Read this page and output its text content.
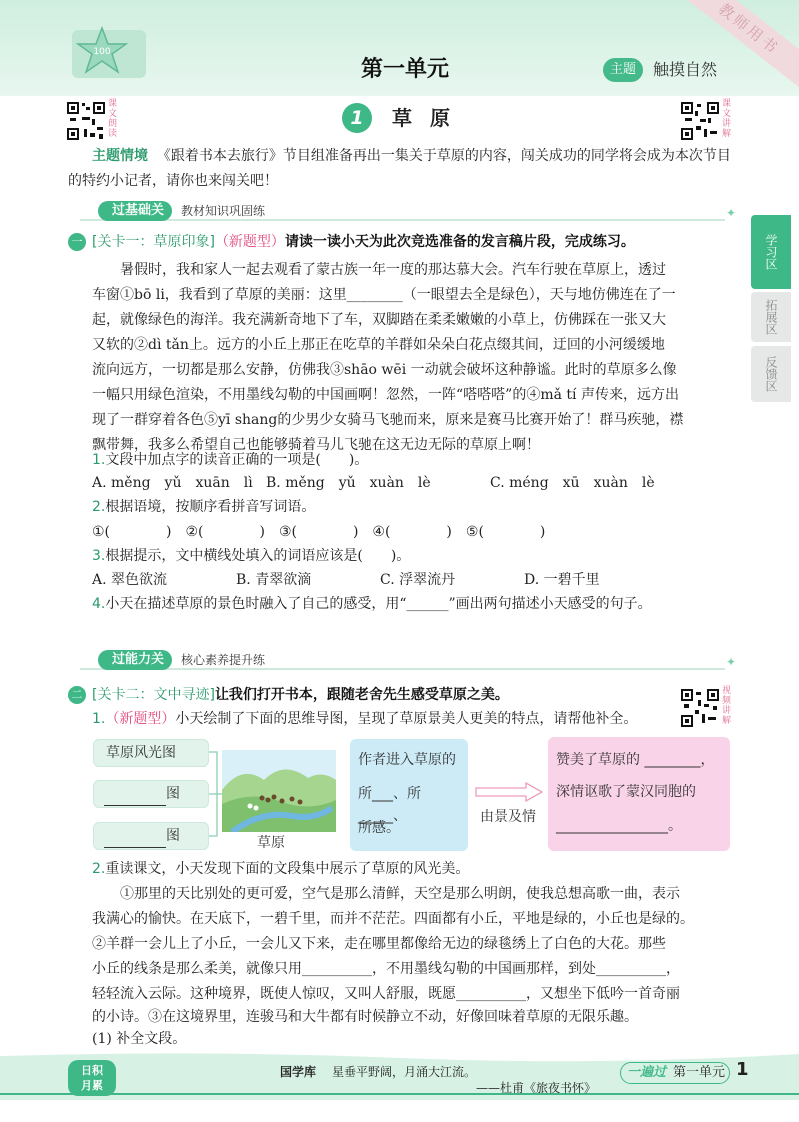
100
第一单元	主题	触摸自然
教师用书
课文朗读
课文讲解
1	草原
主题情境 《跟着书本去旅行》节目组准备再出一集关于草原的内容，闯关成功的同学将会成为本次节目的特约小记者，请你也来闯关吧！
过基础关	教材知识巩固练	✦
一 [关卡一：草原印象]（新题型）请读一读小天为此次竞选准备的发言稿片段，完成练习。
暑假时，我和家人一起去观看了蒙古族一年一度的那达慕大会。汽车行驶在草原上，透过
车窗①bō li，我看到了草原的美丽：这里________（一眼望去全是绿色），天与地仿佛连在了一
起，就像绿色的海洋。我充满新奇地下了车，双脚踏在柔柔嫩嫩的小草上，仿佛踩在一张又大
又软的②dì tǎn上。远方的小丘上那正在吃草的羊群如朵朵白花点缀其间，迂回的小河缓缓地
流向远方，一切都是那么安静，仿佛我③shāo wēi 一动就会破坏这种静谧。此时的草原多么像
一幅只用绿色渲染，不用墨线勾勒的中国画啊！忽然，一阵“嗒嗒嗒”的④mǎ tí 声传来，远方出
现了一群穿着各色⑤yī shang的少男少女骑马飞驰而来，原来是赛马比赛开始了！群马疾驰，襟
飘带舞，我多么希望自己也能够骑着马儿飞驰在这无边无际的草原上啊！
1.文段中加点字的读音正确的一项是(　　)。
A. měng　yǔ　xuān　lì B. měng　yǔ　xuàn　lè	C. méng　xū　xuàn　lè
2.根据语境，按顺序看拼音写词语。
①(　　　　)　②(　　　　)　③(　　　　)　④(　　　　)　⑤(　　　　)
3.根据提示，文中横线处填入的词语应该是(　　)。
A. 翠色欲流	B. 青翠欲滴	C. 浮翠流丹	D. 一碧千里
4.小天在描述草原的景色时融入了自己的感受，用“______”画出两句描述小天感受的句子。
过能力关	核心素养提升练	✦
二 [关卡二：文中寻迹]让我们打开书本，跟随老舍先生感受草原之美。	视频讲解
1.（新题型）小天绘制了下面的思维导图，呈现了草原景美人更美的特点，请帮他补全。
草原风光图
图
图	草原
作者进入草原的
所___、所_____、
所感。
由景及情
赞美了草原的 ________，
深情讴歌了蒙汉同胞的
________________。
2.重读课文，小天发现下面的文段集中展示了草原的风光美。
①那里的天比别处的更可爱，空气是那么清鲜，天空是那么明朗，使我总想高歌一曲，表示
我满心的愉快。在天底下，一碧千里，而并不茫茫。四面都有小丘，平地是绿的，小丘也是绿的。
②羊群一会儿上了小丘，一会儿又下来，走在哪里都像给无边的绿毯绣上了白色的大花。那些
小丘的线条是那么柔美，就像只用__________，不用墨线勾勒的中国画那样，到处__________，
轻轻流入云际。这种境界，既使人惊叹，又叫人舒服，既愿__________，又想坐下低吟一首奇丽
的小诗。③在这境界里，连骏马和大牛都有时候静立不动，好像回味着草原的无限乐趣。
(1) 补全文段。
学习区
拓展区
反馈区
日积
月累
国学库 星垂平野阔，月涌大江流。
——杜甫《旅夜书怀》
一遍过 第一单元 1
